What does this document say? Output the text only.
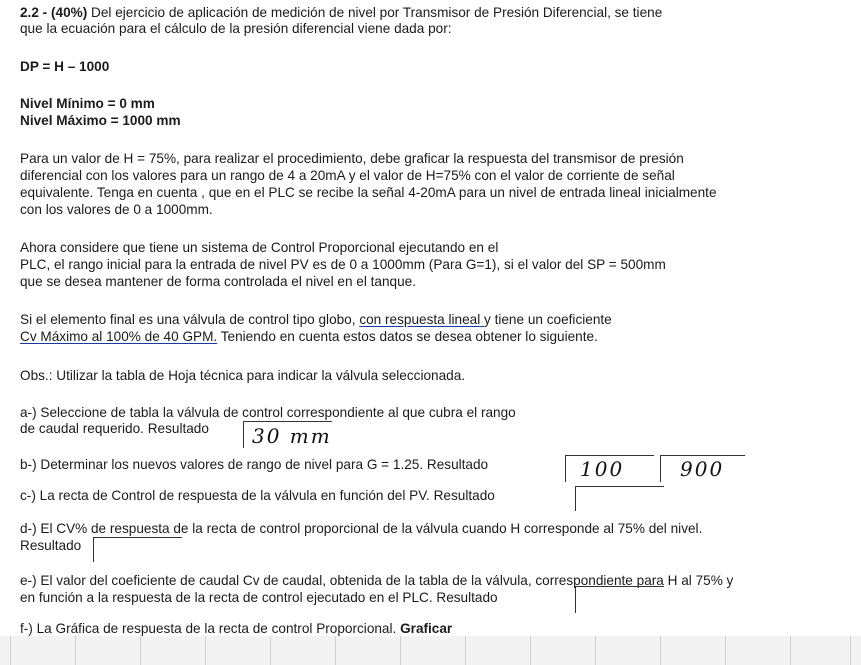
2.2 - (40%) Del ejercicio de aplicación de medición de nivel por Transmisor de Presión Diferencial, se tiene
que la ecuación para el cálculo de la presión diferencial viene dada por:
DP = H – 1000
Nivel Mínimo = 0 mm
Nivel Máximo = 1000 mm
Para un valor de H = 75%, para realizar el procedimiento, debe graficar la respuesta del transmisor de presión
diferencial con los valores para un rango de 4 a 20mA y el valor de H=75% con el valor de corriente de señal
equivalente. Tenga en cuenta , que en el PLC se recibe la señal 4-20mA para un nivel de entrada lineal inicialmente
con los valores de 0 a 1000mm.
Ahora considere que tiene un sistema de Control Proporcional ejecutando en el
PLC, el rango inicial para la entrada de nivel PV es de 0 a 1000mm (Para G=1), si el valor del SP = 500mm
que se desea mantener de forma controlada el nivel en el tanque.
Si el elemento final es una válvula de control tipo globo, con respuesta lineal y tiene un coeficiente
Cv Máximo al 100% de 40 GPM. Teniendo en cuenta estos datos se desea obtener lo siguiente.
Obs.: Utilizar la tabla de Hoja técnica para indicar la válvula seleccionada.
a-) Seleccione de tabla la válvula de control correspondiente al que cubra el rango
de caudal requerido. Resultado 30 mm
b-) Determinar los nuevos valores de rango de nivel para G = 1.25. Resultado	100	900
c-) La recta de Control de respuesta de la válvula en función del PV. Resultado
d-) El CV% de respuesta de la recta de control proporcional de la válvula cuando H corresponde al 75% del nivel.
Resultado
e-) El valor del coeficiente de caudal Cv de caudal, obtenida de la tabla de la válvula, correspondiente para H al 75% y
en función a la respuesta de la recta de control ejecutado en el PLC. Resultado
f-) La Gráfica de respuesta de la recta de control Proporcional. Graficar
